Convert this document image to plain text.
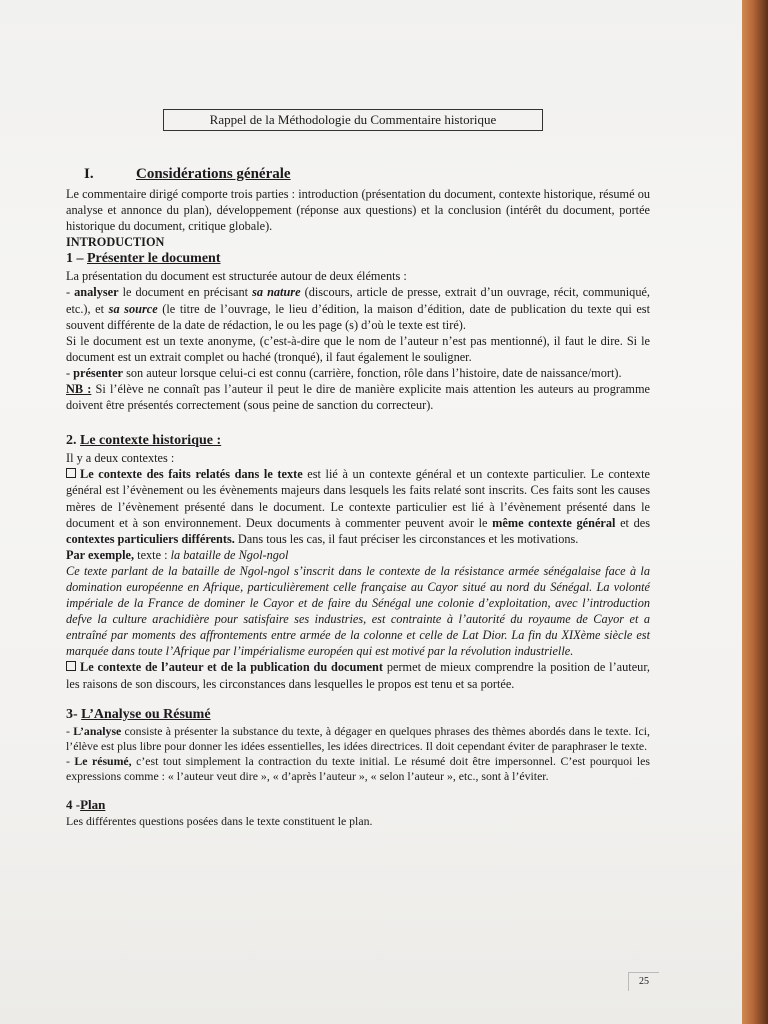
Rappel de la Méthodologie du Commentaire historique
I.	Considérations générale

Le commentaire dirigé comporte trois parties : introduction (présentation du document, contexte historique, résumé ou analyse et annonce du plan), développement (réponse aux questions) et la conclusion (intérêt du document, portée historique du document, critique globale).

INTRODUCTION

1 – Présenter le document

La présentation du document est structurée autour de deux éléments :

- analyser le document en précisant sa nature (discours, article de presse, extrait d’un ouvrage, récit, communiqué, etc.), et sa source (le titre de l’ouvrage, le lieu d’édition, la maison d’édition, date de publication du texte qui est souvent différente de la date de rédaction, le ou les page (s) d’où le texte est tiré).

Si le document est un texte anonyme, (c’est-à-dire que le nom de l’auteur n’est pas mentionné), il faut le dire. Si le document est un extrait complet ou haché (tronqué), il faut également le souligner.

- présenter son auteur lorsque celui-ci est connu (carrière, fonction, rôle dans l’histoire, date de naissance/mort).

NB : Si l’élève ne connaît pas l’auteur il peut le dire de manière explicite mais attention les auteurs au programme doivent être présentés correctement (sous peine de sanction du correcteur).

2. Le contexte historique :

Il y a deux contextes :

Le contexte des faits relatés dans le texte est lié à un contexte général et un contexte particulier. Le contexte général est l’évènement ou les évènements majeurs dans lesquels les faits relaté sont inscrits. Ces faits sont les causes mères de l’évènement présenté dans le document. Le contexte particulier est lié à l’évènement présenté dans le document et à son environnement. Deux documents à commenter peuvent avoir le même contexte général et des contextes particuliers différents. Dans tous les cas, il faut préciser les circonstances et les motivations.

Par exemple, texte : la bataille de Ngol-ngol

Ce texte parlant de la bataille de Ngol-ngol s’inscrit dans le contexte de la résistance armée sénégalaise face à la domination européenne en Afrique, particulièrement celle française au Cayor situé au nord du Sénégal. La volonté impériale de la France de dominer le Cayor et de faire du Sénégal une colonie d’exploitation, avec l’introduction defve la culture arachidière pour satisfaire ses industries, est contrainte à l’autorité du royaume de Cayor et a entraîné par moments des affrontements entre armée de la colonne et celle de Lat Dior. La fin du XIXème siècle est marquée dans toute l’Afrique par l’impérialisme européen qui est motivé par la révolution industrielle.

Le contexte de l’auteur et de la publication du document permet de mieux comprendre la position de l’auteur, les raisons de son discours, les circonstances dans lesquelles le propos est tenu et sa portée.

3- L’Analyse ou Résumé

- L’analyse consiste à présenter la substance du texte, à dégager en quelques phrases des thèmes abordés dans le texte. Ici, l’élève est plus libre pour donner les idées essentielles, les idées directrices. Il doit cependant éviter de paraphraser le texte.

- Le résumé, c’est tout simplement la contraction du texte initial. Le résumé doit être impersonnel. C’est pourquoi les expressions comme : « l’auteur veut dire », « d’après l’auteur », « selon l’auteur », etc., sont à l’éviter.

4 -Plan

Les différentes questions posées dans le texte constituent le plan.

25
